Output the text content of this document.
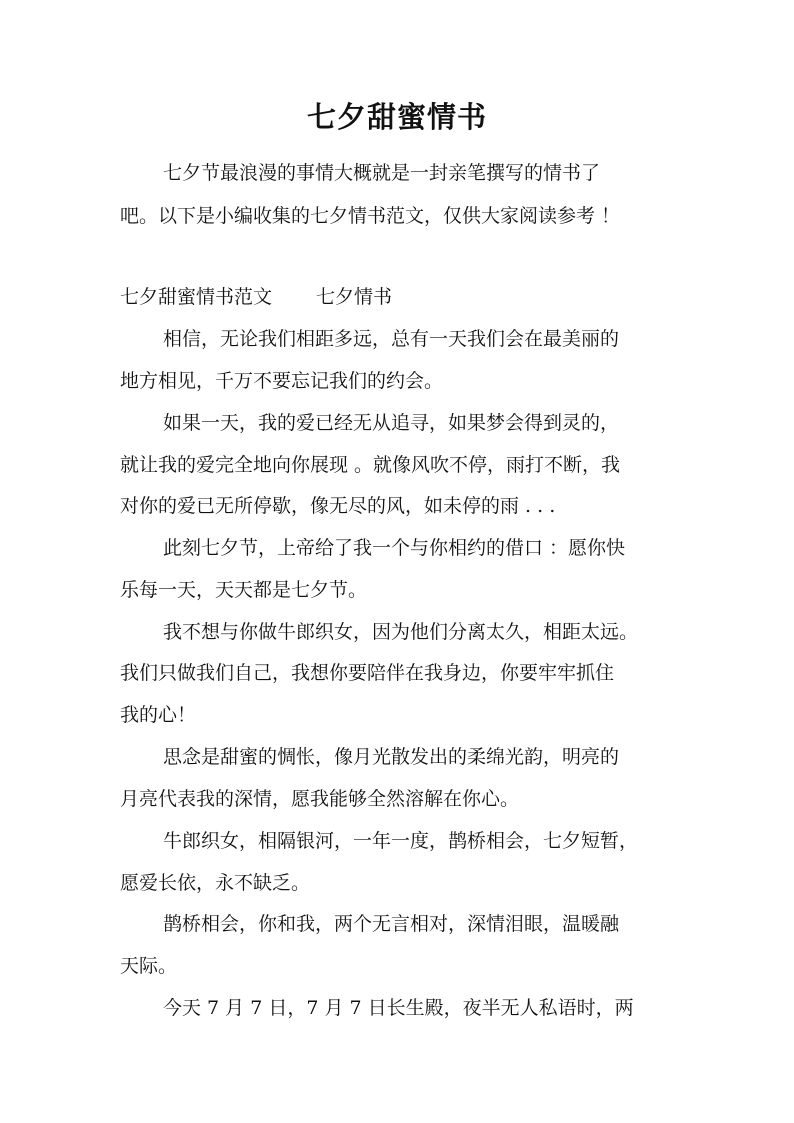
七夕甜蜜情书

七夕节最浪漫的事情大概就是一封亲笔撰写的情书了

吧。以下是小编收集的七夕情书范文，仅供大家阅读参考 ！

七夕甜蜜情书范文 七夕情书

相信，无论我们相距多远，总有一天我们会在最美丽的

地方相见，千万不要忘记我们的约会。

如果一天，我的爱已经无从追寻，如果梦会得到灵的，

就让我的爱完全地向你展现 。就像风吹不停，雨打不断，我

对你的爱已无所停歇，像无尽的风，如未停的雨 . . .

此刻七夕节，上帝给了我一个与你相约的借口 ：愿你快

乐每一天，天天都是七夕节。

我不想与你做牛郎织女，因为他们分离太久，相距太远。

我们只做我们自己，我想你要陪伴在我身边，你要牢牢抓住

我的心！

思念是甜蜜的惆怅，像月光散发出的柔绵光韵，明亮的

月亮代表我的深情，愿我能够全然溶解在你心。

牛郎织女，相隔银河，一年一度，鹊桥相会，七夕短暂，

愿爱长依，永不缺乏。

鹊桥相会，你和我，两个无言相对，深情泪眼，温暖融

天际。

今天 7 月 7 日，7 月 7 日长生殿，夜半无人私语时，两
